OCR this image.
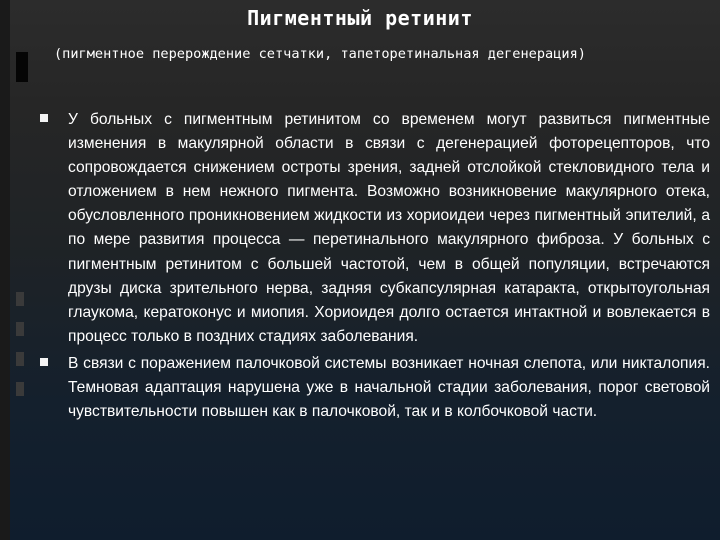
Пигментный ретинит
(пигментное перерождение сетчатки, тапеторетинальная дегенерация)
У больных с пигментным ретинитом со временем могут развиться пигментные изменения в макулярной области в связи с дегенерацией фоторецепторов, что сопровождается снижением остроты зрения, задней отслойкой стекловидного тела и отложением в нем нежного пигмента. Возможно возникновение макулярного отека, обусловленного проникновением жидкости из хориоидеи через пигментный эпителий, а по мере развития процесса — перетинального макулярного фиброза. У больных с пигментным ретинитом с большей частотой, чем в общей популяции, встречаются друзы диска зрительного нерва, задняя субкапсулярная катаракта, открытоугольная глаукома, кератоконус и миопия. Хориоидея долго остается интактной и вовлекается в процесс только в поздних стадиях заболевания.
В связи с поражением палочковой системы возникает ночная слепота, или никталопия. Темновая адаптация нарушена уже в начальной стадии заболевания, порог световой чувствительности повышен как в палочковой, так и в колбочковой части.
